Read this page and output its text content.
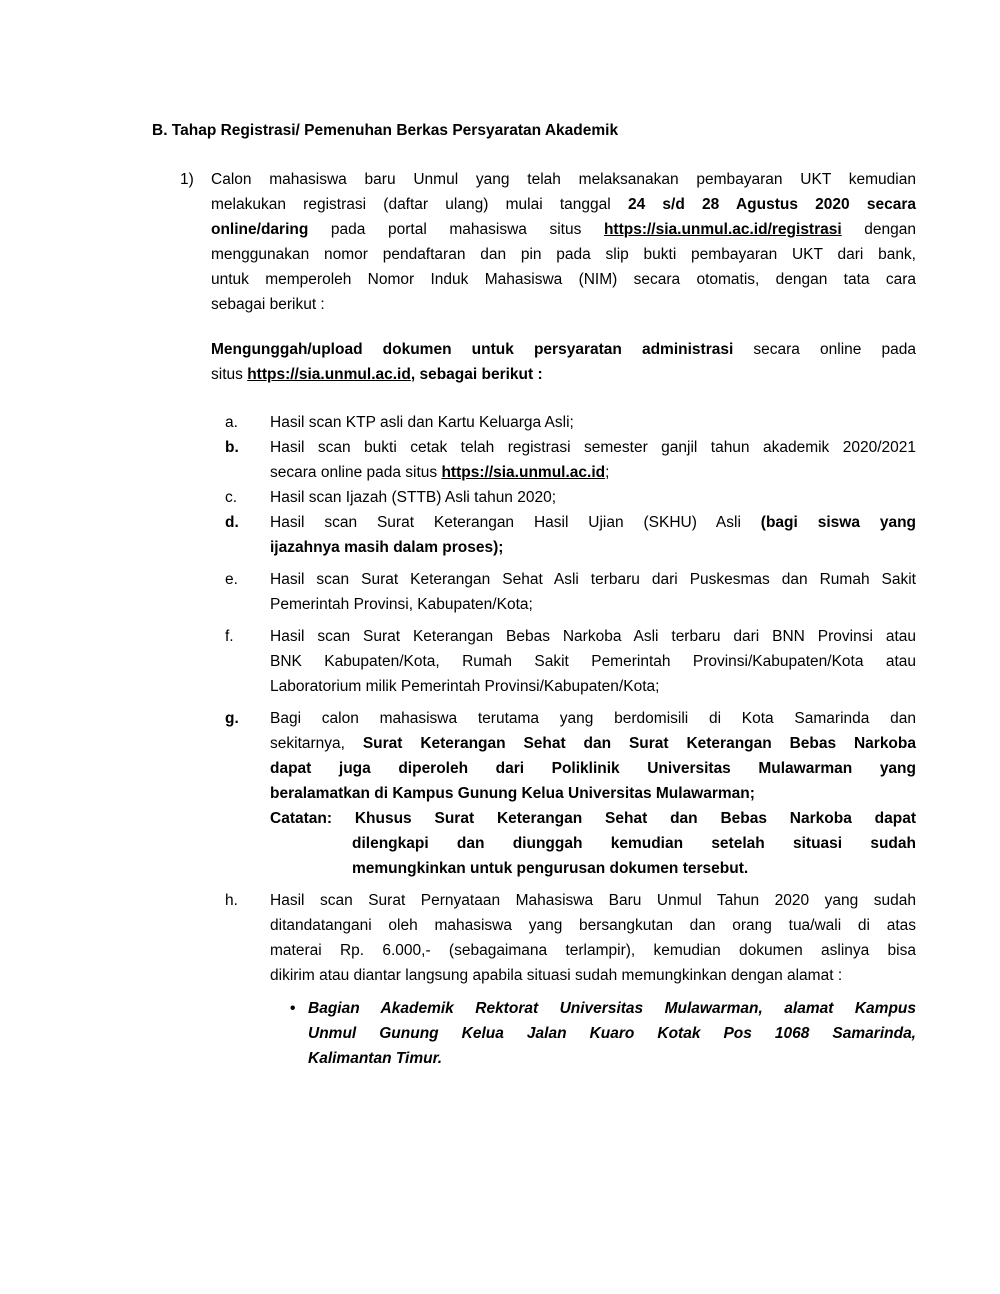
B. Tahap Registrasi/ Pemenuhan Berkas Persyaratan Akademik
1)	Calon mahasiswa baru Unmul yang telah melaksanakan pembayaran UKT kemudian
melakukan registrasi (daftar ulang) mulai tanggal 24 s/d 28 Agustus 2020 secara
online/daring pada portal mahasiswa situs https://sia.unmul.ac.id/registrasi dengan
menggunakan nomor pendaftaran dan pin pada slip bukti pembayaran UKT dari bank,
untuk memperoleh Nomor Induk Mahasiswa (NIM) secara otomatis, dengan tata cara
sebagai berikut :
Mengunggah/upload dokumen untuk persyaratan administrasi secara online pada
situs https://sia.unmul.ac.id, sebagai berikut :
a.	Hasil scan KTP asli dan Kartu Keluarga Asli;
b.	Hasil scan bukti cetak telah registrasi semester ganjil tahun akademik 2020/2021
secara online pada situs https://sia.unmul.ac.id;
c.	Hasil scan Ijazah (STTB) Asli tahun 2020;
d.	Hasil scan Surat Keterangan Hasil Ujian (SKHU) Asli (bagi siswa yang
ijazahnya masih dalam proses);
e.	Hasil scan Surat Keterangan Sehat Asli terbaru dari Puskesmas dan Rumah Sakit
Pemerintah Provinsi, Kabupaten/Kota;
f.	Hasil scan Surat Keterangan Bebas Narkoba Asli terbaru dari BNN Provinsi atau
BNK Kabupaten/Kota, Rumah Sakit Pemerintah Provinsi/Kabupaten/Kota atau
Laboratorium milik Pemerintah Provinsi/Kabupaten/Kota;
g.	Bagi calon mahasiswa terutama yang berdomisili di Kota Samarinda dan
sekitarnya, Surat Keterangan Sehat dan Surat Keterangan Bebas Narkoba
dapat juga diperoleh dari Poliklinik Universitas Mulawarman yang
beralamatkan di Kampus Gunung Kelua Universitas Mulawarman;
Catatan: Khusus Surat Keterangan Sehat dan Bebas Narkoba dapat
dilengkapi dan diunggah kemudian setelah situasi sudah
memungkinkan untuk pengurusan dokumen tersebut.
h.	Hasil scan Surat Pernyataan Mahasiswa Baru Unmul Tahun 2020 yang sudah
ditandatangani oleh mahasiswa yang bersangkutan dan orang tua/wali di atas
materai Rp. 6.000,- (sebagaimana terlampir), kemudian dokumen aslinya bisa
dikirim atau diantar langsung apabila situasi sudah memungkinkan dengan alamat :
• Bagian Akademik Rektorat Universitas Mulawarman, alamat Kampus
Unmul Gunung Kelua Jalan Kuaro Kotak Pos 1068 Samarinda,
Kalimantan Timur.
